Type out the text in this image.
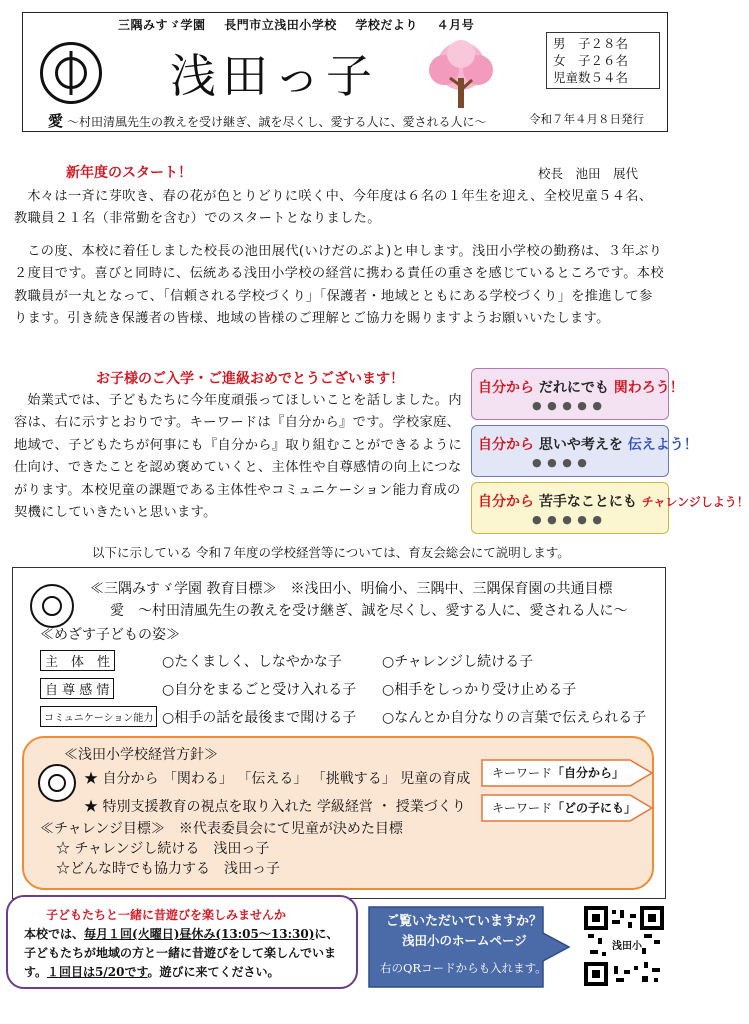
三隅みすゞ学園 長門市立浅田小学校 学校だより ４月号
浅田っ子
男　子２８名
女　子２６名
児童数５４名
愛 ～村田清風先生の教えを受け継ぎ、誠を尽くし、愛する人に、愛される人に～	令和７年４月８日発行
新年度のスタート！	校長　池田　展代
木々は一斉に芽吹き、春の花が色とりどりに咲く中、今年度は６名の１年生を迎え、全校児童５４名、教職員２１名（非常勤を含む）でのスタートとなりました。
この度、本校に着任しました校長の池田展代(いけだのぶよ)と申します。浅田小学校の勤務は、３年ぶり２度目です。喜びと同時に、伝統ある浅田小学校の経営に携わる責任の重さを感じているところです。本校教職員が一丸となって、「信頼される学校づくり」「保護者・地域とともにある学校づくり」を推進して参ります。引き続き保護者の皆様、地域の皆様のご理解とご協力を賜りますようお願いいたします。
お子様のご入学・ご進級おめでとうございます！
始業式では、子どもたちに今年度頑張ってほしいことを話しました。内容は、右に示すとおりです。キーワードは『自分から』です。学校家庭、地域で、子どもたちが何事にも『自分から』取り組むことができるように仕向け、できたことを認め褒めていくと、主体性や自尊感情の向上につながります。本校児童の課題である主体性やコミュニケーション能力育成の契機にしていきたいと思います。
自分から だれにでも 関わろう！
● ● ● ● ●
自分から 思いや考えを 伝えよう！
● ● ● ●
自分から 苦手なことにも チャレンジしよう！
● ● ● ● ●
以下に示している 令和７年度の学校経営等については、育友会総会にて説明します。
≪三隅みすゞ学園 教育目標≫　※浅田小、明倫小、三隅中、三隅保育園の共通目標
愛　～村田清風先生の教えを受け継ぎ、誠を尽くし、愛する人に、愛される人に～
≪めざす子どもの姿≫
主　体　性	○たくましく、しなやかな子	○チャレンジし続ける子
自 尊 感 情	○自分をまるごと受け入れる子 ○相手をしっかり受け止める子
コミュニケーション能力 ○相手の話を最後まで聞ける子 ○なんとか自分なりの言葉で伝えられる子
≪浅田小学校経営方針≫
★ 自分から 「関わる」 「伝える」 「挑戦する」 児童の育成
★ 特別支援教育の視点を取り入れた 学級経営 ・ 授業づくり
≪チャレンジ目標≫　※代表委員会にて児童が決めた目標
☆ チャレンジし続ける　浅田っ子
☆どんな時でも協力する　浅田っ子
キーワード「自分から」
キーワード「どの子にも」
子どもたちと一緒に昔遊びを楽しみませんか
本校では、毎月１回(火曜日)昼休み(13:05～13:30)に、子どもたちが地域の方と一緒に昔遊びをして楽しんでいます。１回目は5/20です。遊びに来てください。
ご覧いただいていますか？
浅田小のホームページ
右のQRコードからも入れます。
浅田小
